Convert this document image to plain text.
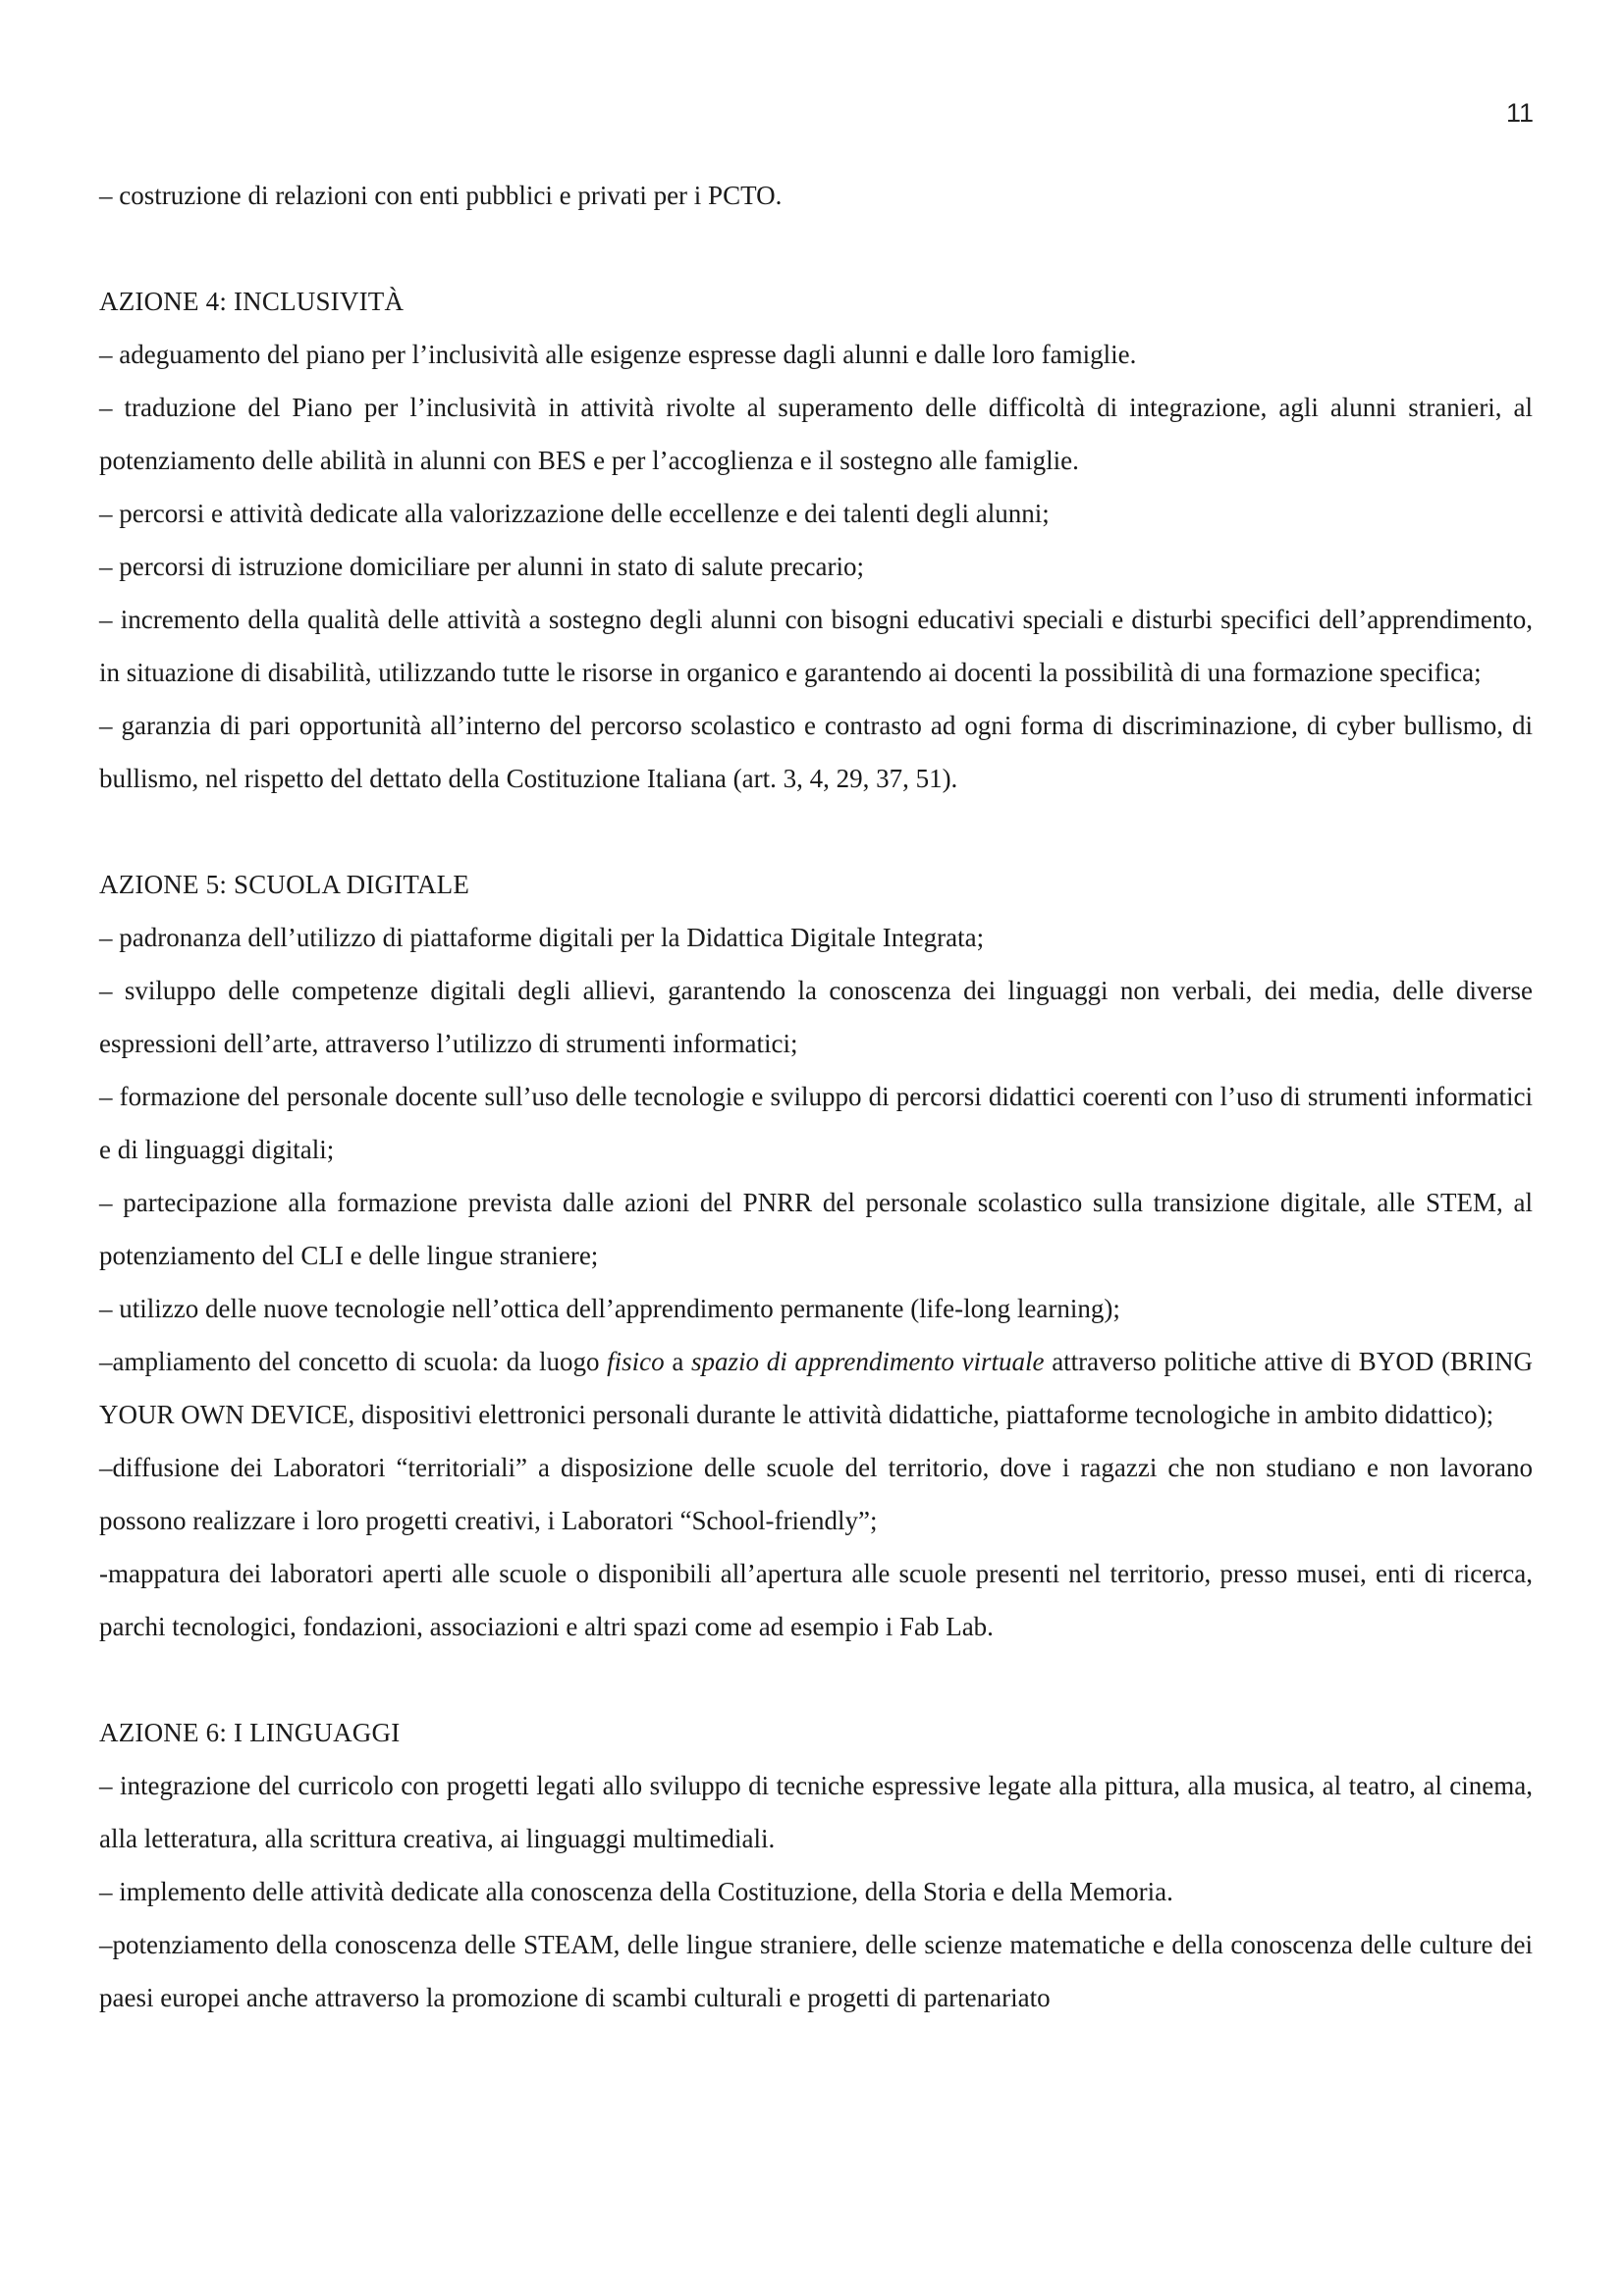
11

– costruzione di relazioni con enti pubblici e privati per i PCTO.

AZIONE 4: INCLUSIVITÀ

– adeguamento del piano per l’inclusività alle esigenze espresse dagli alunni e dalle loro famiglie.

– traduzione del Piano per l’inclusività in attività rivolte al superamento delle difficoltà di integrazione, agli alunni stranieri, al potenziamento delle abilità in alunni con BES e per l’accoglienza e il sostegno alle famiglie.

– percorsi e attività dedicate alla valorizzazione delle eccellenze e dei talenti degli alunni;

– percorsi di istruzione domiciliare per alunni in stato di salute precario;

– incremento della qualità delle attività a sostegno degli alunni con bisogni educativi speciali e disturbi specifici dell’apprendimento, in situazione di disabilità, utilizzando tutte le risorse in organico e garantendo ai docenti la possibilità di una formazione specifica;

– garanzia di pari opportunità all’interno del percorso scolastico e contrasto ad ogni forma di discriminazione, di cyber bullismo, di bullismo, nel rispetto del dettato della Costituzione Italiana (art. 3, 4, 29, 37, 51).

AZIONE 5: SCUOLA DIGITALE

– padronanza dell’utilizzo di piattaforme digitali per la Didattica Digitale Integrata;

– sviluppo delle competenze digitali degli allievi, garantendo la conoscenza dei linguaggi non verbali, dei media, delle diverse espressioni dell’arte, attraverso l’utilizzo di strumenti informatici;

– formazione del personale docente sull’uso delle tecnologie e sviluppo di percorsi didattici coerenti con l’uso di strumenti informatici e di linguaggi digitali;

– partecipazione alla formazione prevista dalle azioni del PNRR del personale scolastico sulla transizione digitale, alle STEM, al potenziamento del CLI e delle lingue straniere;

– utilizzo delle nuove tecnologie nell’ottica dell’apprendimento permanente (life-long learning);

–ampliamento del concetto di scuola: da luogo fisico a spazio di apprendimento virtuale attraverso politiche attive di BYOD (BRING YOUR OWN DEVICE, dispositivi elettronici personali durante le attività didattiche, piattaforme tecnologiche in ambito didattico);

–diffusione dei Laboratori “territoriali” a disposizione delle scuole del territorio, dove i ragazzi che non studiano e non lavorano possono realizzare i loro progetti creativi, i Laboratori “School-friendly”;

-mappatura dei laboratori aperti alle scuole o disponibili all’apertura alle scuole presenti nel territorio, presso musei, enti di ricerca, parchi tecnologici, fondazioni, associazioni e altri spazi come ad esempio i Fab Lab.

AZIONE 6: I LINGUAGGI

– integrazione del curricolo con progetti legati allo sviluppo di tecniche espressive legate alla pittura, alla musica, al teatro, al cinema, alla letteratura, alla scrittura creativa, ai linguaggi multimediali.

– implemento delle attività dedicate alla conoscenza della Costituzione, della Storia e della Memoria.

–potenziamento della conoscenza delle STEAM, delle lingue straniere, delle scienze matematiche e della conoscenza delle culture dei paesi europei anche attraverso la promozione di scambi culturali e progetti di partenariato
